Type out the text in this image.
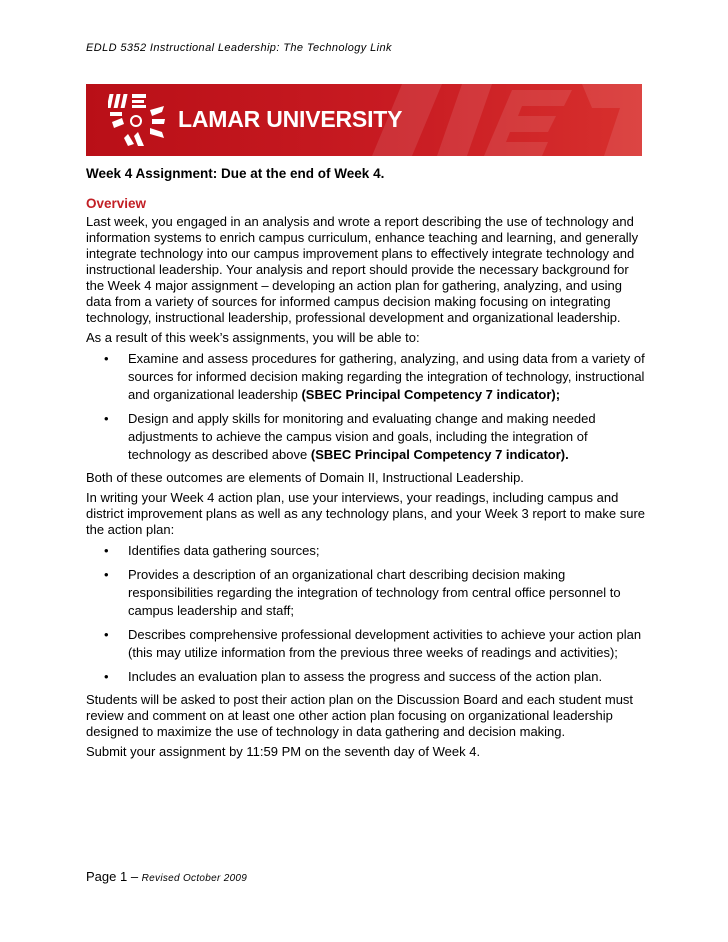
EDLD 5352 Instructional Leadership: The Technology Link
LAMAR UNIVERSITY

Week 4 Assignment: Due at the end of Week 4.

Overview

Last week, you engaged in an analysis and wrote a report describing the use of technology and information systems to enrich campus curriculum, enhance teaching and learning, and generally integrate technology into our campus improvement plans to effectively integrate technology and instructional leadership. Your analysis and report should provide the necessary background for the Week 4 major assignment – developing an action plan for gathering, analyzing, and using data from a variety of sources for informed campus decision making focusing on integrating technology, instructional leadership, professional development and organizational leadership.

As a result of this week’s assignments, you will be able to:

• Examine and assess procedures for gathering, analyzing, and using data from a variety of sources for informed decision making regarding the integration of technology, instructional and organizational leadership (SBEC Principal Competency 7 indicator);
• Design and apply skills for monitoring and evaluating change and making needed adjustments to achieve the campus vision and goals, including the integration of technology as described above (SBEC Principal Competency 7 indicator).

Both of these outcomes are elements of Domain II, Instructional Leadership.

In writing your Week 4 action plan, use your interviews, your readings, including campus and district improvement plans as well as any technology plans, and your Week 3 report to make sure the action plan:

• Identifies data gathering sources;
• Provides a description of an organizational chart describing decision making responsibilities regarding the integration of technology from central office personnel to campus leadership and staff;
• Describes comprehensive professional development activities to achieve your action plan (this may utilize information from the previous three weeks of readings and activities);
• Includes an evaluation plan to assess the progress and success of the action plan.

Students will be asked to post their action plan on the Discussion Board and each student must review and comment on at least one other action plan focusing on organizational leadership designed to maximize the use of technology in data gathering and decision making.

Submit your assignment by 11:59 PM on the seventh day of Week 4.

Page 1 – Revised October 2009
